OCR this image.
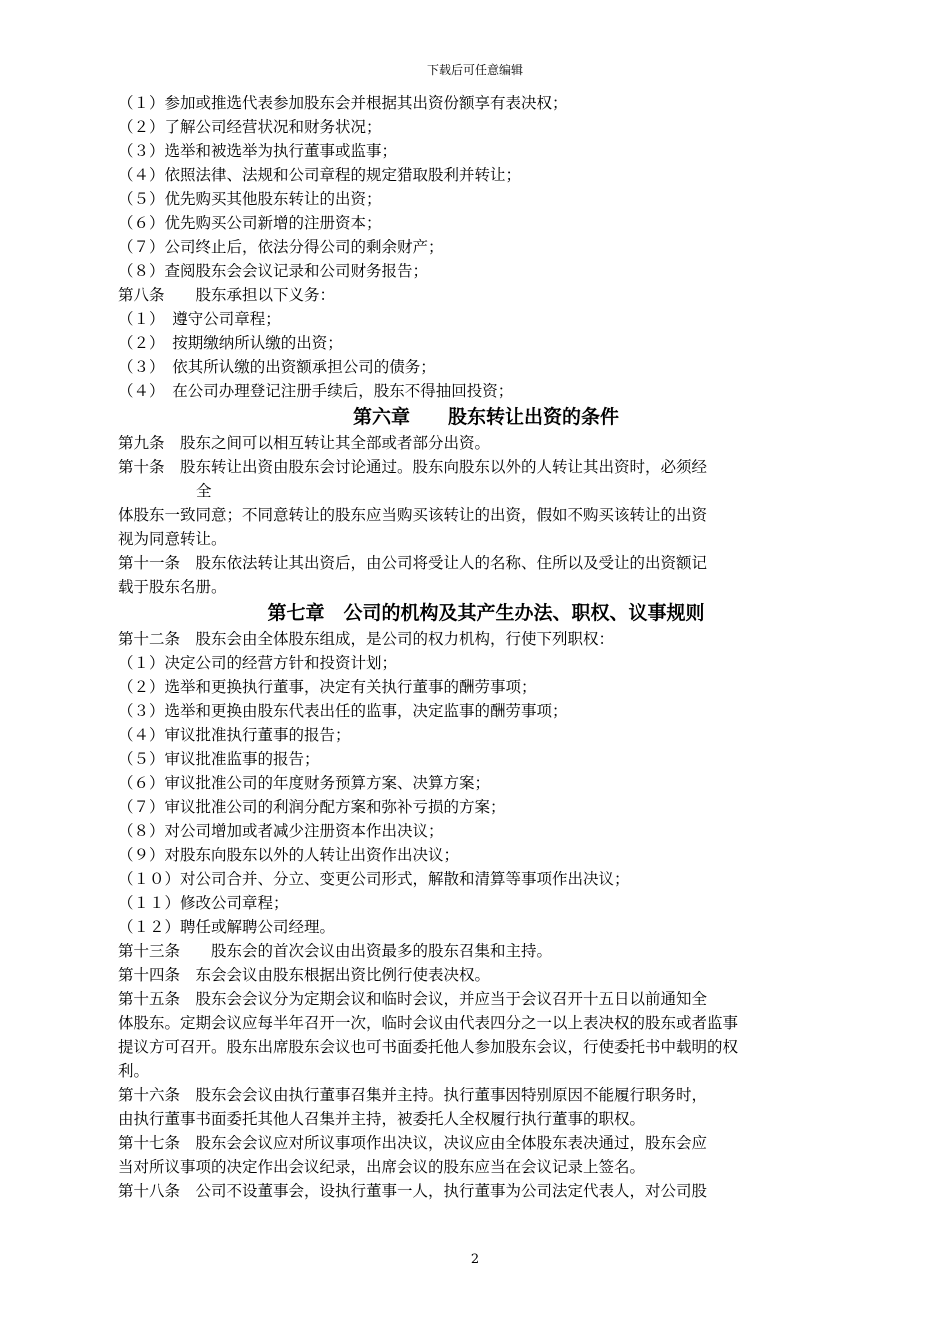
下载后可任意编辑
（１）参加或推选代表参加股东会并根据其出资份额享有表决权；
（２）了解公司经营状况和财务状况；
（３）选举和被选举为执行董事或监事；
（４）依照法律、法规和公司章程的规定猎取股利并转让；
（５）优先购买其他股东转让的出资；
（６）优先购买公司新增的注册资本；
（７）公司终止后，依法分得公司的剩余财产；
（８）查阅股东会会议记录和公司财务报告；
第八条　　股东承担以下义务：
（１）　遵守公司章程；
（２）　按期缴纳所认缴的出资；
（３）　依其所认缴的出资额承担公司的债务；
（４）　在公司办理登记注册手续后，股东不得抽回投资；
第六章　　股东转让出资的条件
第九条　股东之间可以相互转让其全部或者部分出资。
第十条　股东转让出资由股东会讨论通过。股东向股东以外的人转让其出资时，必须经
全
体股东一致同意；不同意转让的股东应当购买该转让的出资，假如不购买该转让的出资
视为同意转让。
第十一条　股东依法转让其出资后，由公司将受让人的名称、住所以及受让的出资额记
载于股东名册。
第七章　公司的机构及其产生办法、职权、议事规则
第十二条　股东会由全体股东组成，是公司的权力机构，行使下列职权：
（１）决定公司的经营方针和投资计划；
（２）选举和更换执行董事，决定有关执行董事的酬劳事项；
（３）选举和更换由股东代表出任的监事，决定监事的酬劳事项；
（４）审议批准执行董事的报告；
（５）审议批准监事的报告；
（６）审议批准公司的年度财务预算方案、决算方案；
（７）审议批准公司的利润分配方案和弥补亏损的方案；
（８）对公司增加或者减少注册资本作出决议；
（９）对股东向股东以外的人转让出资作出决议；
（１０）对公司合并、分立、变更公司形式，解散和清算等事项作出决议；
（１１）修改公司章程；
（１２）聘任或解聘公司经理。
第十三条　　股东会的首次会议由出资最多的股东召集和主持。
第十四条　东会会议由股东根据出资比例行使表决权。
第十五条　股东会会议分为定期会议和临时会议，并应当于会议召开十五日以前通知全
体股东。定期会议应每半年召开一次，临时会议由代表四分之一以上表决权的股东或者监事
提议方可召开。股东出席股东会议也可书面委托他人参加股东会议，行使委托书中载明的权
利。
第十六条　股东会会议由执行董事召集并主持。执行董事因特别原因不能履行职务时，
由执行董事书面委托其他人召集并主持，被委托人全权履行执行董事的职权。
第十七条　股东会会议应对所议事项作出决议，决议应由全体股东表决通过，股东会应
当对所议事项的决定作出会议纪录，出席会议的股东应当在会议记录上签名。
第十八条　公司不设董事会，设执行董事一人，执行董事为公司法定代表人，对公司股
2
